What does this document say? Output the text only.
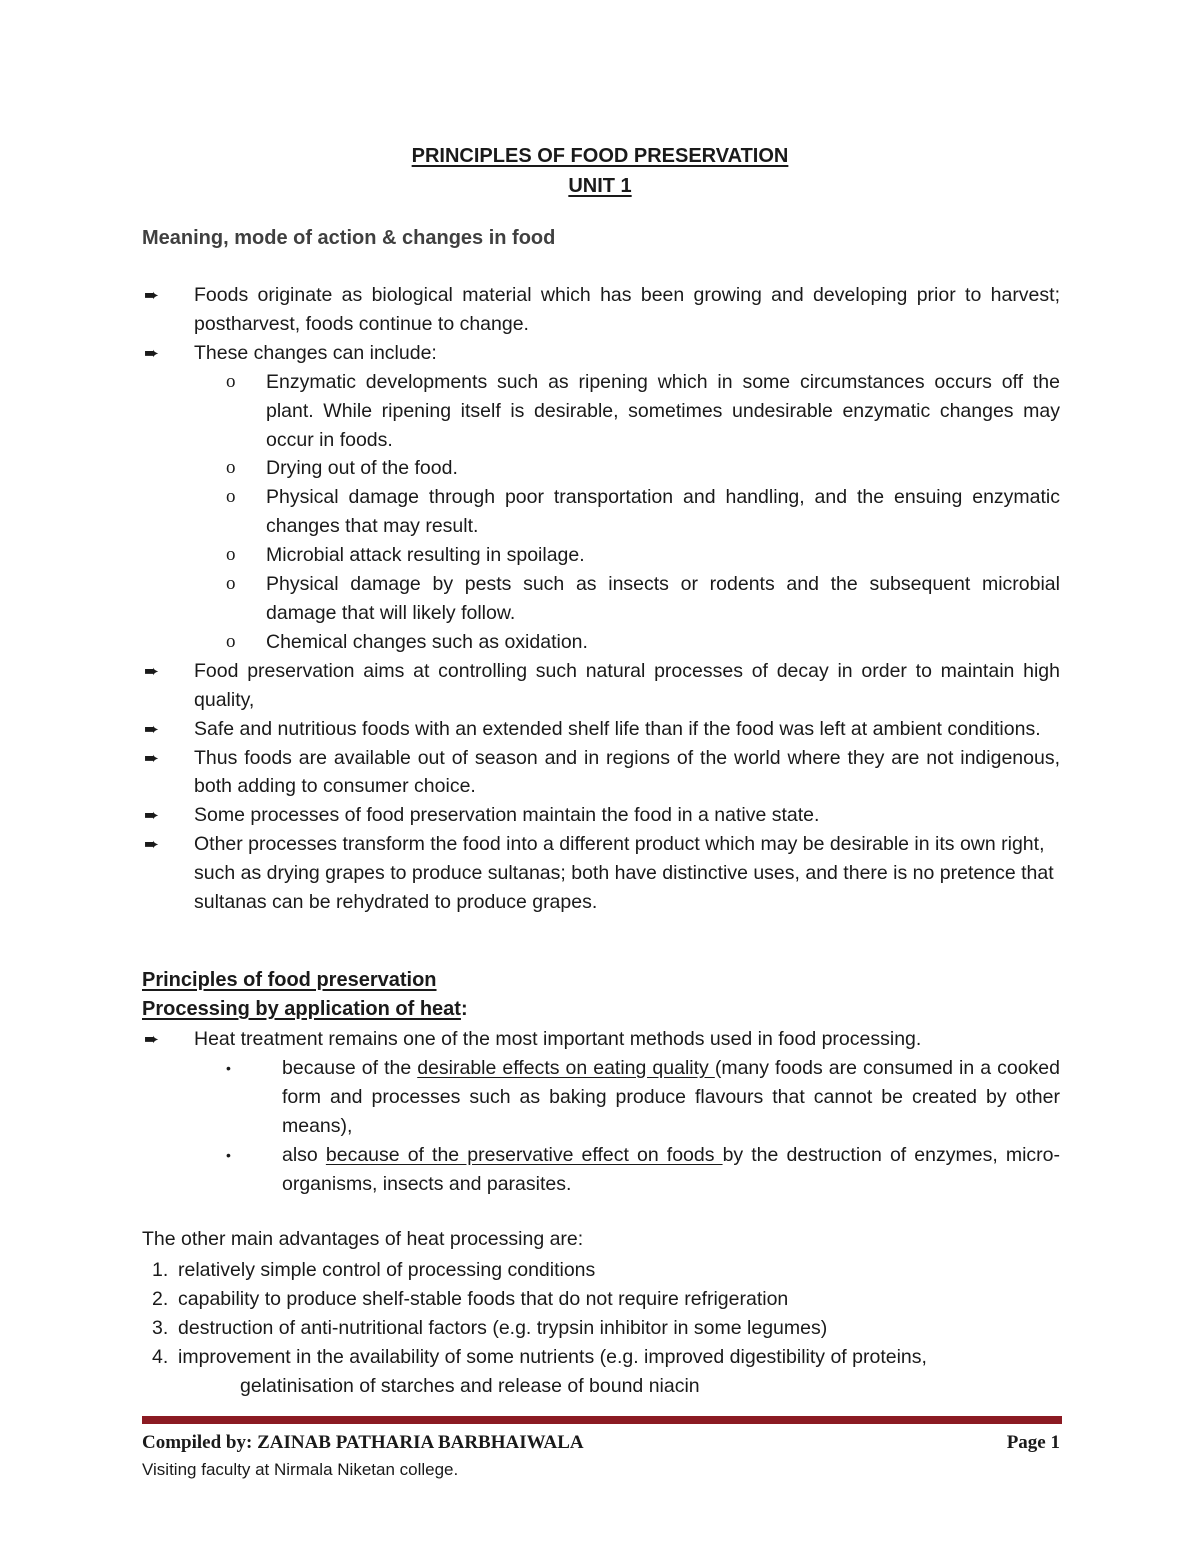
PRINCIPLES OF FOOD PRESERVATION
UNIT 1
Meaning, mode of action & changes in food
➨ Foods originate as biological material which has been growing and developing prior to harvest; postharvest, foods continue to change.
➨ These changes can include:
o Enzymatic developments such as ripening which in some circumstances occurs off the plant. While ripening itself is desirable, sometimes undesirable enzymatic changes may occur in foods.
o Drying out of the food.
o Physical damage through poor transportation and handling, and the ensuing enzymatic changes that may result.
o Microbial attack resulting in spoilage.
o Physical damage by pests such as insects or rodents and the subsequent microbial damage that will likely follow.
o Chemical changes such as oxidation.
➨ Food preservation aims at controlling such natural processes of decay in order to maintain high quality,
➨ Safe and nutritious foods with an extended shelf life than if the food was left at ambient conditions.
➨ Thus foods are available out of season and in regions of the world where they are not indigenous, both adding to consumer choice.
➨ Some processes of food preservation maintain the food in a native state.
➨ Other processes transform the food into a different product which may be desirable in its own right, such as drying grapes to produce sultanas; both have distinctive uses, and there is no pretence that sultanas can be rehydrated to produce grapes.
Principles of food preservation
Processing by application of heat:
➨ Heat treatment remains one of the most important methods used in food processing.
•	because of the desirable effects on eating quality (many foods are consumed in a cooked form and processes such as baking produce flavours that cannot be created by other means),
•	also because of the preservative effect on foods by the destruction of enzymes, micro-organisms, insects and parasites.
The other main advantages of heat processing are:
1. relatively simple control of processing conditions
2. capability to produce shelf-stable foods that do not require refrigeration
3. destruction of anti-nutritional factors (e.g. trypsin inhibitor in some legumes)
4. improvement in the availability of some nutrients (e.g. improved digestibility of proteins,
gelatinisation of starches and release of bound niacin
Compiled by: ZAINAB PATHARIA BARBHAIWALA	Page 1
Visiting faculty at Nirmala Niketan college.
